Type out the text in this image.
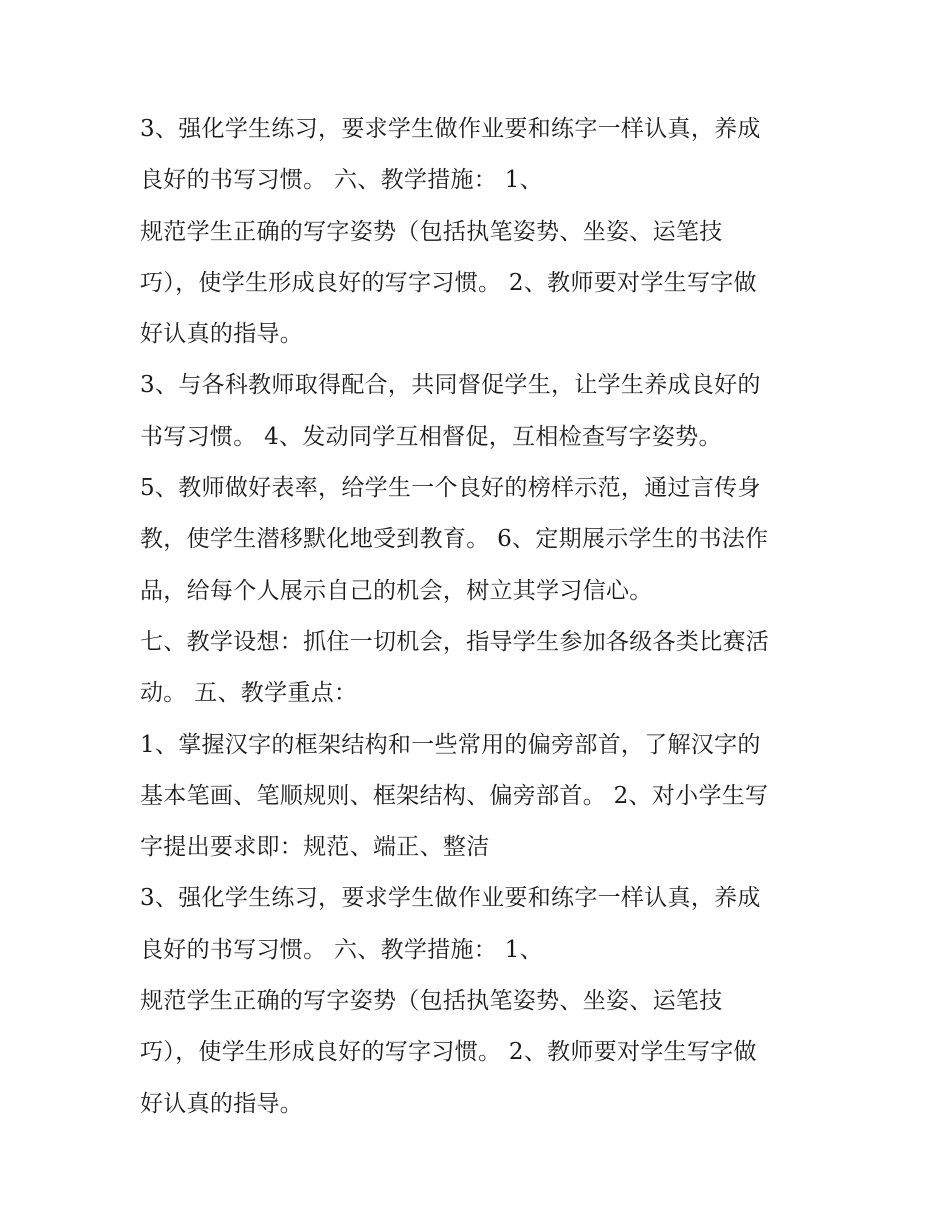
3、强化学生练习，要求学生做作业要和练字一样认真，养成
良好的书写习惯。 六、教学措施： 1、
规范学生正确的写字姿势（包括执笔姿势、坐姿、运笔技
巧），使学生形成良好的写字习惯。 2、教师要对学生写字做
好认真的指导。
3、与各科教师取得配合，共同督促学生，让学生养成良好的
书写习惯。 4、发动同学互相督促，互相检查写字姿势。
5、教师做好表率，给学生一个良好的榜样示范，通过言传身
教，使学生潜移默化地受到教育。 6、定期展示学生的书法作
品，给每个人展示自己的机会，树立其学习信心。
七、教学设想：抓住一切机会，指导学生参加各级各类比赛活
动。 五、教学重点：
1、掌握汉字的框架结构和一些常用的偏旁部首，了解汉字的
基本笔画、笔顺规则、框架结构、偏旁部首。 2、对小学生写
字提出要求即：规范、端正、整洁
3、强化学生练习，要求学生做作业要和练字一样认真，养成
良好的书写习惯。 六、教学措施： 1、
规范学生正确的写字姿势（包括执笔姿势、坐姿、运笔技
巧），使学生形成良好的写字习惯。 2、教师要对学生写字做
好认真的指导。
